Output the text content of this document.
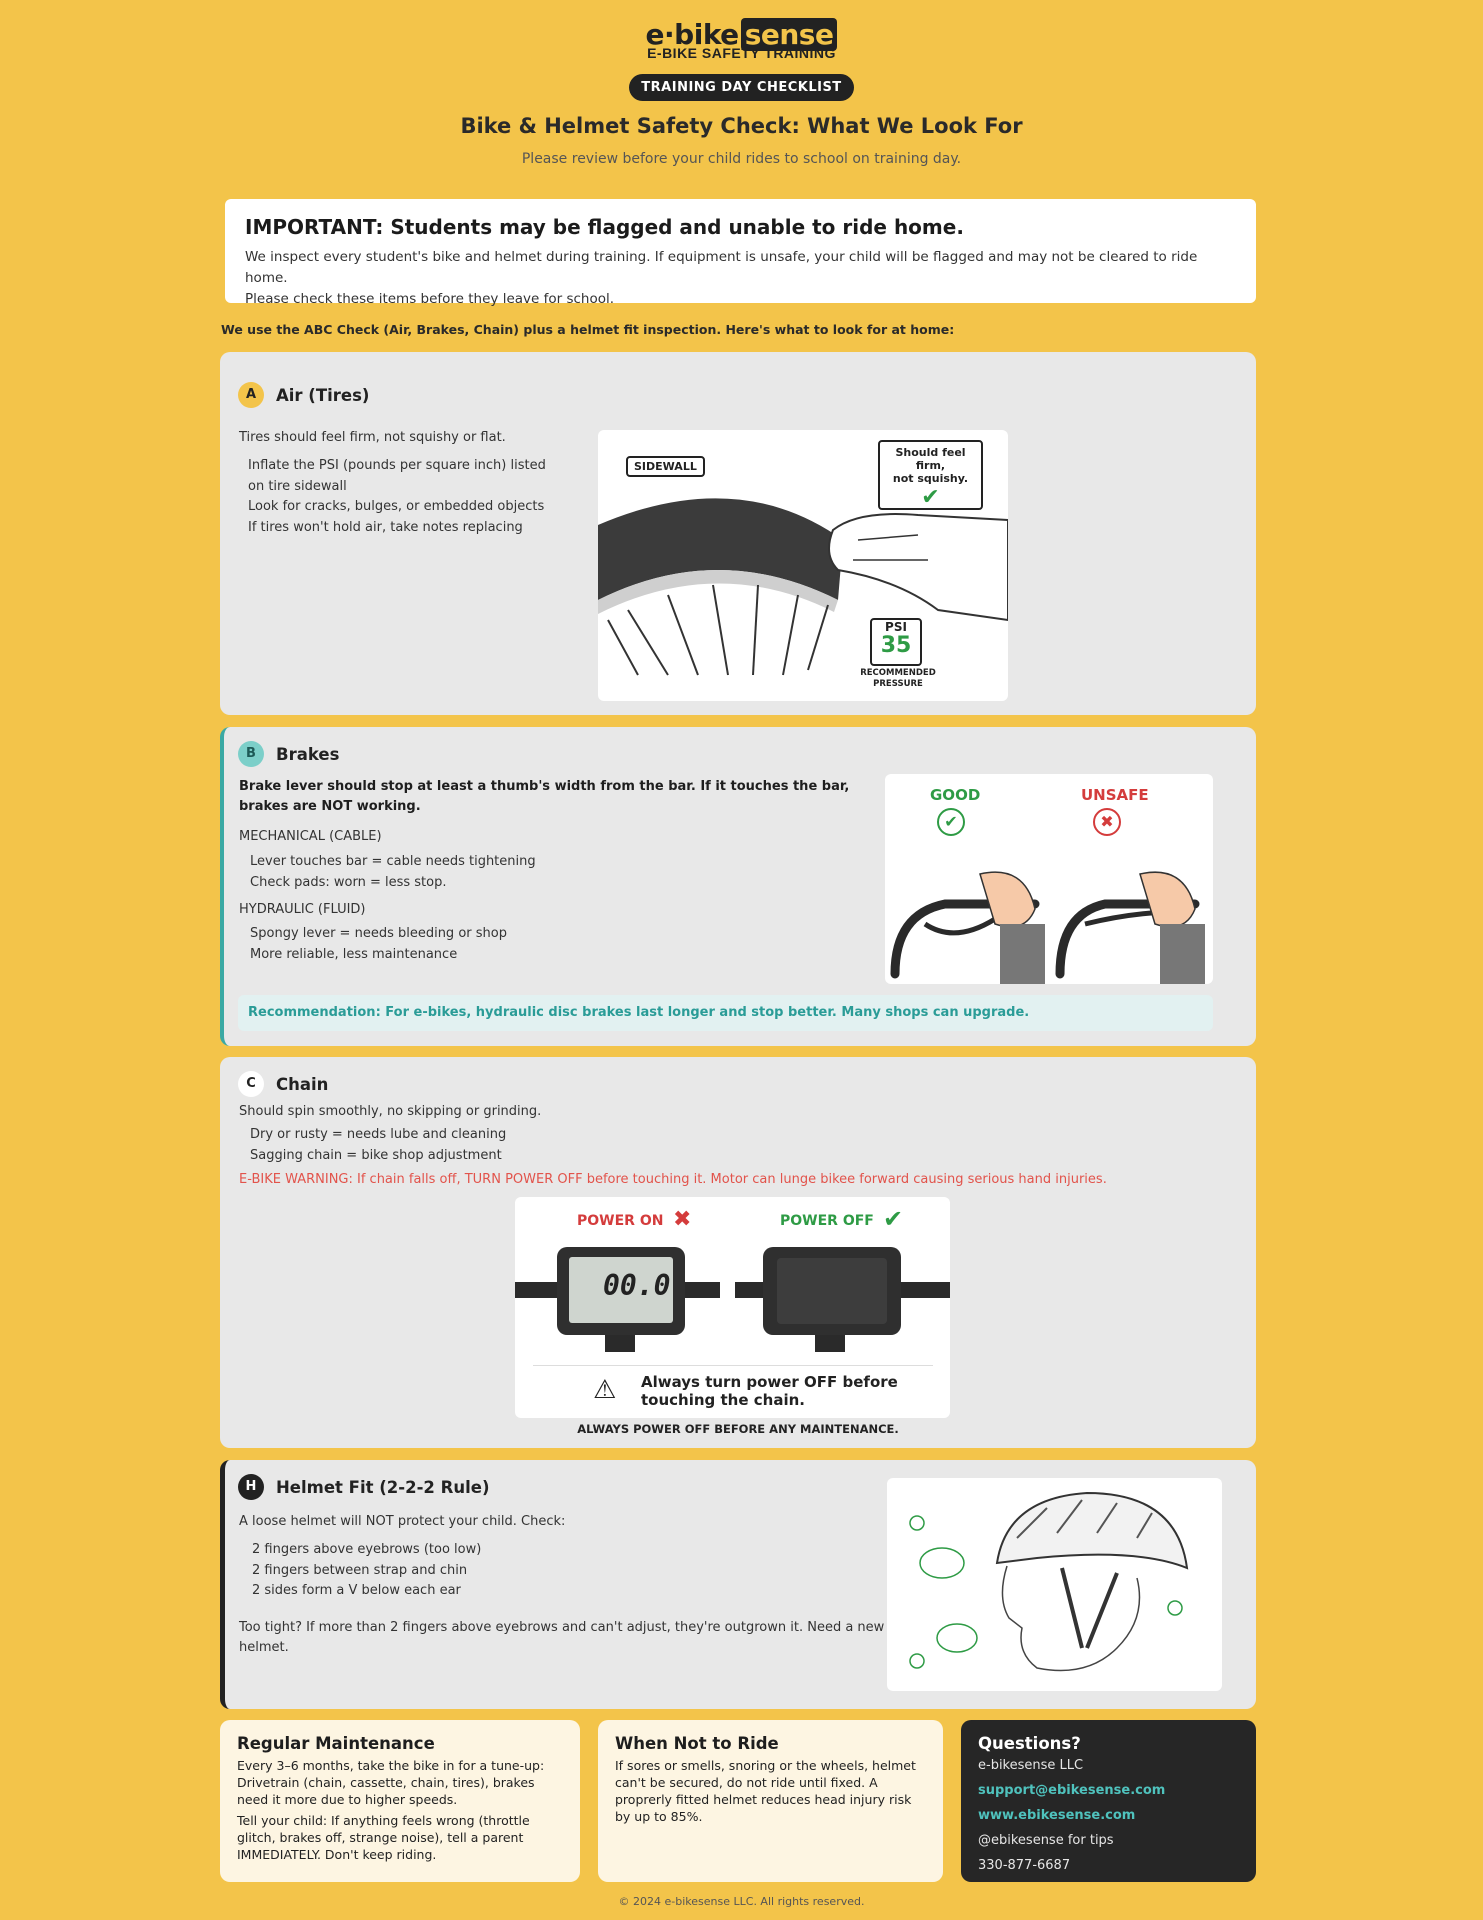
e·bike sense
E-BIKE SAFETY TRAINING
TRAINING DAY CHECKLIST
Bike & Helmet Safety Check: What We Look For
Please review before your child rides to school on training day.
IMPORTANT: Students may be flagged and unable to ride home.

We inspect every student's bike and helmet during training. If equipment is unsafe, your child will be flagged and may not be cleared to ride home.

Please check these items before they leave for school.

We use the ABC Check (Air, Brakes, Chain) plus a helmet fit inspection. Here's what to look for at home:
A	Air (Tires)
Tires should feel firm, not squishy or flat.
Inflate the PSI (pounds per square inch) listed on tire sidewall
Look for cracks, bulges, or embedded objects
If tires won't hold air, take notes replacing
SIDEWALL
Should feel firm,
not squishy.
✔
PSI
35
RECOMMENDED
PRESSURE
B	Brakes
Brake lever should stop at least a thumb's width from the bar. If it touches the bar,
brakes are NOT working.
MECHANICAL (CABLE)
Lever touches bar = cable needs tightening
Check pads: worn = less stop.
HYDRAULIC (FLUID)
Spongy lever = needs bleeding or shop
More reliable, less maintenance
GOOD	UNSAFE
✔	✖
Recommendation: For e-bikes, hydraulic disc brakes last longer and stop better. Many shops can upgrade.
C	Chain
Should spin smoothly, no skipping or grinding.
Dry or rusty = needs lube and cleaning
Sagging chain = bike shop adjustment
E-BIKE WARNING: If chain falls off, TURN POWER OFF before touching it. Motor can lunge bikee forward causing serious hand injuries.
POWER ON ✖	POWER OFF ✔
00.0
⚠ Always turn power OFF before
touching the chain.
ALWAYS POWER OFF BEFORE ANY MAINTENANCE.
H	Helmet Fit (2-2-2 Rule)
A loose helmet will NOT protect your child. Check:
2 fingers above eyebrows (too low)
2 fingers between strap and chin
2 sides form a V below each ear
Too tight? If more than 2 fingers above eyebrows and can't adjust, they're outgrown it. Need a new
helmet.
Regular Maintenance

Every 3–6 months, take the bike in for a tune-up: Drivetrain (chain, cassette, chain, tires), brakes need it more due to higher speeds.

Tell your child: If anything feels wrong (throttle glitch, brakes off, strange noise), tell a parent IMMEDIATELY. Don't keep riding.

When Not to Ride

If sores or smells, snoring or the wheels, helmet can't be secured, do not ride until fixed. A proprerly fitted helmet reduces head injury risk by up to 85%.

Questions?
e-bikesense LLC
support@ebikesense.com
www.ebikesense.com
@ebikesense for tips
330-877-6687
© 2024 e-bikesense LLC. All rights reserved.
